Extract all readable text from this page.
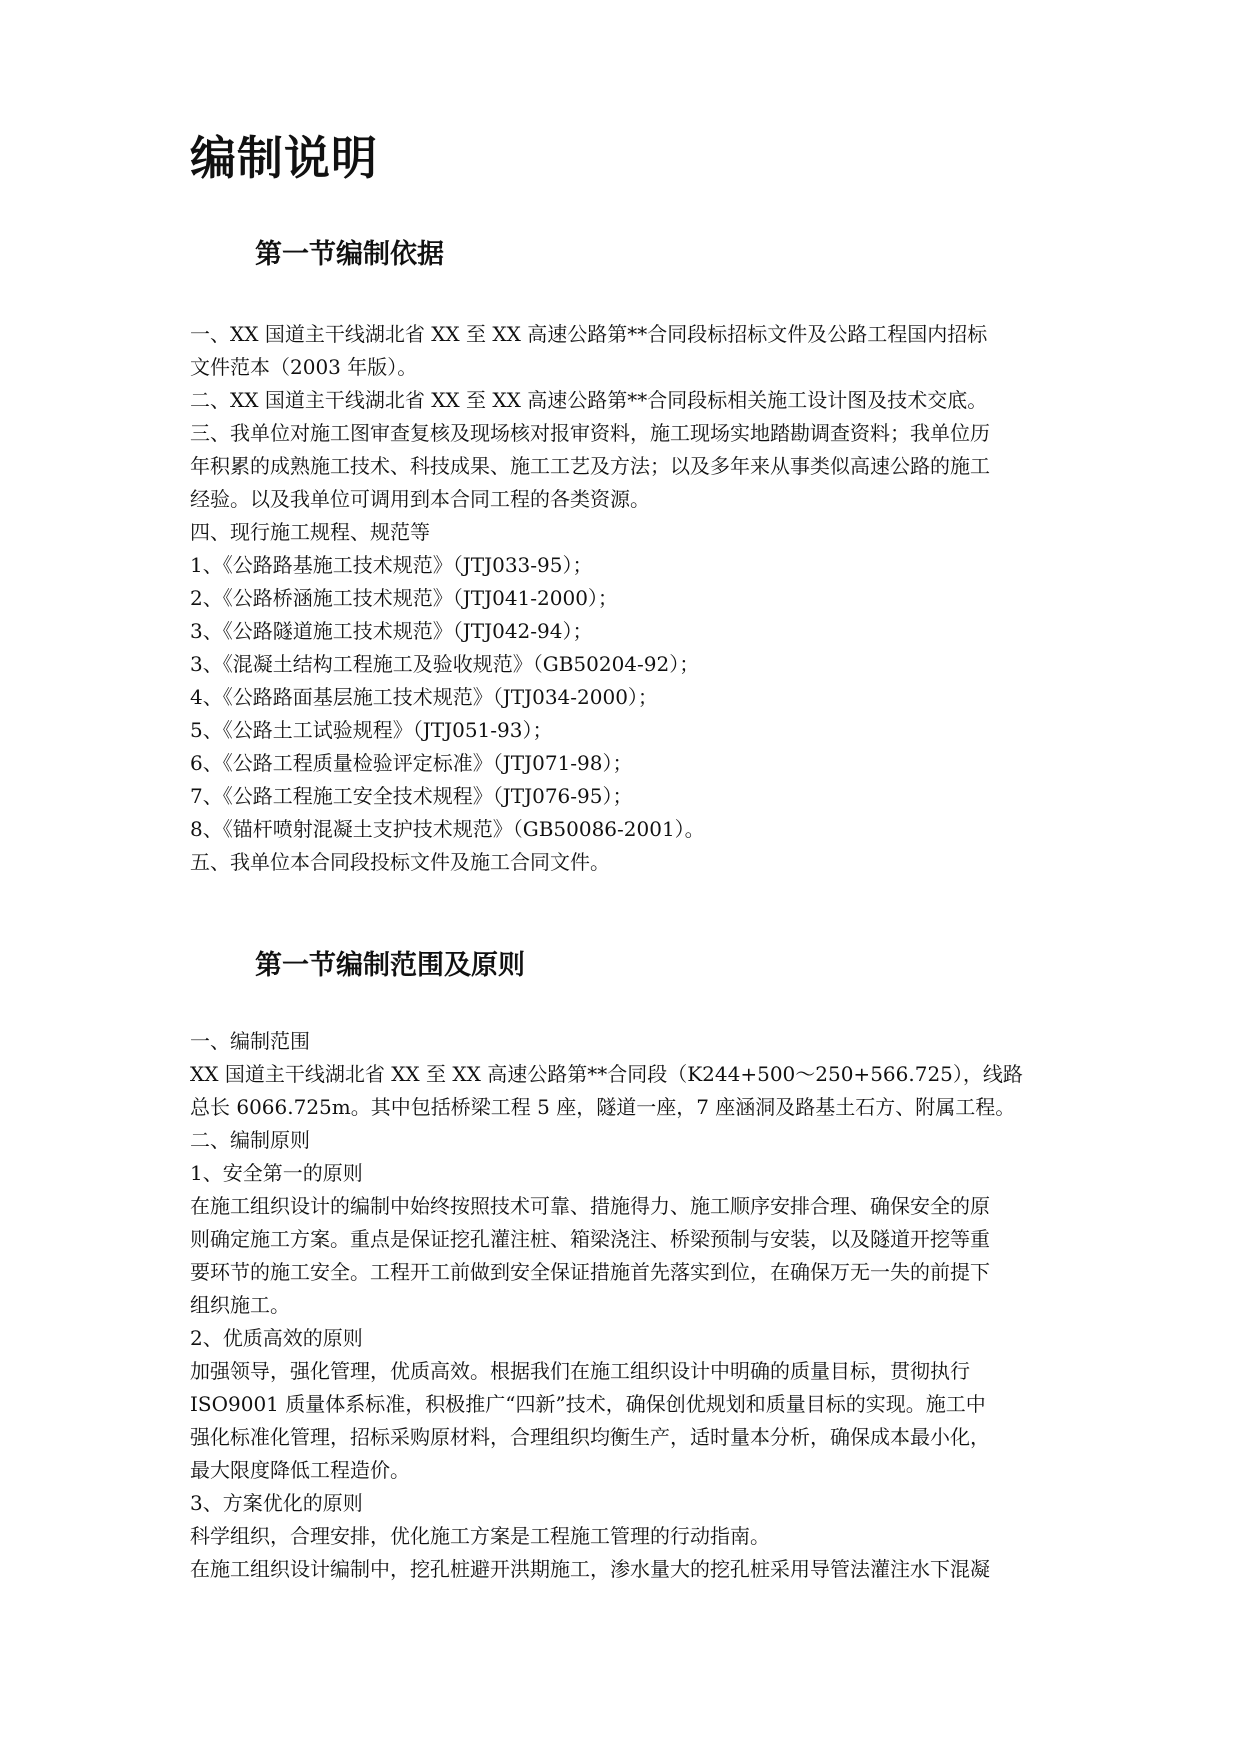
编制说明
第一节编制依据

一、XX 国道主干线湖北省 XX 至 XX 高速公路第**合同段标招标文件及公路工程国内招标

文件范本（2003 年版）。

二、XX 国道主干线湖北省 XX 至 XX 高速公路第**合同段标相关施工设计图及技术交底。

三、我单位对施工图审查复核及现场核对报审资料，施工现场实地踏勘调查资料；我单位历

年积累的成熟施工技术、科技成果、施工工艺及方法；以及多年来从事类似高速公路的施工

经验。以及我单位可调用到本合同工程的各类资源。

四、现行施工规程、规范等

1、《公路路基施工技术规范》（JTJ033-95）；

2、《公路桥涵施工技术规范》（JTJ041-2000）；

3、《公路隧道施工技术规范》（JTJ042-94）；

3、《混凝土结构工程施工及验收规范》（GB50204-92）；

4、《公路路面基层施工技术规范》（JTJ034-2000）；

5、《公路土工试验规程》（JTJ051-93）；

6、《公路工程质量检验评定标准》（JTJ071-98）；

7、《公路工程施工安全技术规程》（JTJ076-95）；

8、《锚杆喷射混凝土支护技术规范》（GB50086-2001）。

五、我单位本合同段投标文件及施工合同文件。

第一节编制范围及原则

一、编制范围

XX 国道主干线湖北省 XX 至 XX 高速公路第**合同段（K244+500～250+566.725），线路

总长 6066.725m。其中包括桥梁工程 5 座，隧道一座，7 座涵洞及路基土石方、附属工程。

二、编制原则

1、安全第一的原则

在施工组织设计的编制中始终按照技术可靠、措施得力、施工顺序安排合理、确保安全的原

则确定施工方案。重点是保证挖孔灌注桩、箱梁浇注、桥梁预制与安装，以及隧道开挖等重

要环节的施工安全。工程开工前做到安全保证措施首先落实到位，在确保万无一失的前提下

组织施工。

2、优质高效的原则

加强领导，强化管理，优质高效。根据我们在施工组织设计中明确的质量目标，贯彻执行

ISO9001 质量体系标准，积极推广“四新”技术，确保创优规划和质量目标的实现。施工中

强化标准化管理，招标采购原材料，合理组织均衡生产，适时量本分析，确保成本最小化，

最大限度降低工程造价。

3、方案优化的原则

科学组织，合理安排，优化施工方案是工程施工管理的行动指南。

在施工组织设计编制中，挖孔桩避开洪期施工，渗水量大的挖孔桩采用导管法灌注水下混凝
